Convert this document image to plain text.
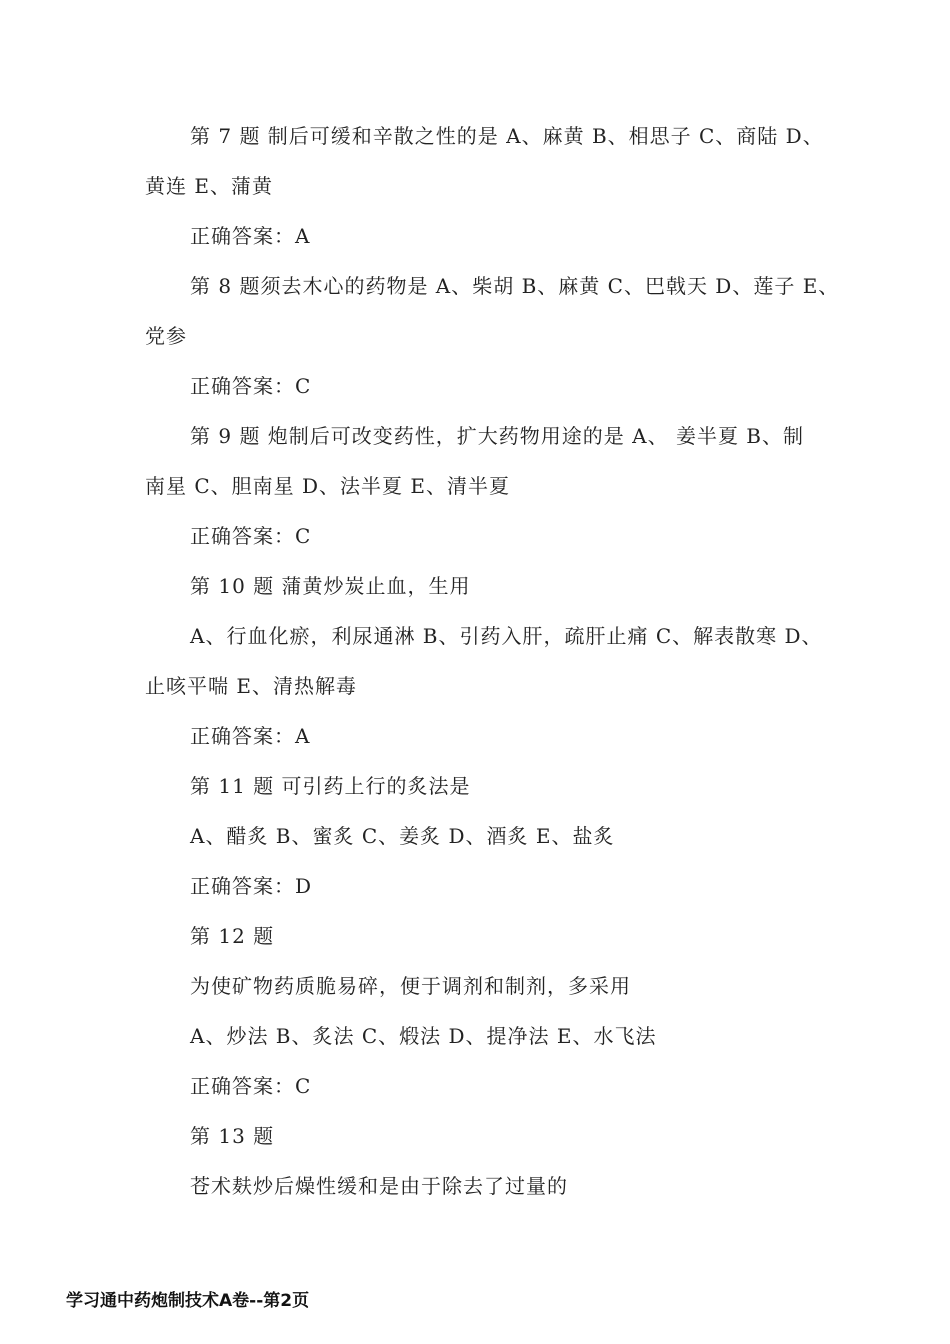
第 7 题 制后可缓和辛散之性的是 A、麻黄 B、相思子 C、商陆 D、
黄连 E、蒲黄
正确答案：A
第 8 题须去木心的药物是 A、柴胡 B、麻黄 C、巴戟天 D、莲子 E、
党参
正确答案：C
第 9 题 炮制后可改变药性，扩大药物用途的是 A、 姜半夏 B、制
南星 C、胆南星 D、法半夏 E、清半夏
正确答案：C
第 10 题 蒲黄炒炭止血，生用
A、行血化瘀，利尿通淋 B、引药入肝，疏肝止痛 C、解表散寒 D、
止咳平喘 E、清热解毒
正确答案：A
第 11 题 可引药上行的炙法是
A、醋炙 B、蜜炙 C、姜炙 D、酒炙 E、盐炙
正确答案：D
第 12 题
为使矿物药质脆易碎，便于调剂和制剂，多采用
A、炒法 B、炙法 C、煅法 D、提净法 E、水飞法
正确答案：C
第 13 题
苍术麸炒后燥性缓和是由于除去了过量的
学习通中药炮制技术A卷--第2页
